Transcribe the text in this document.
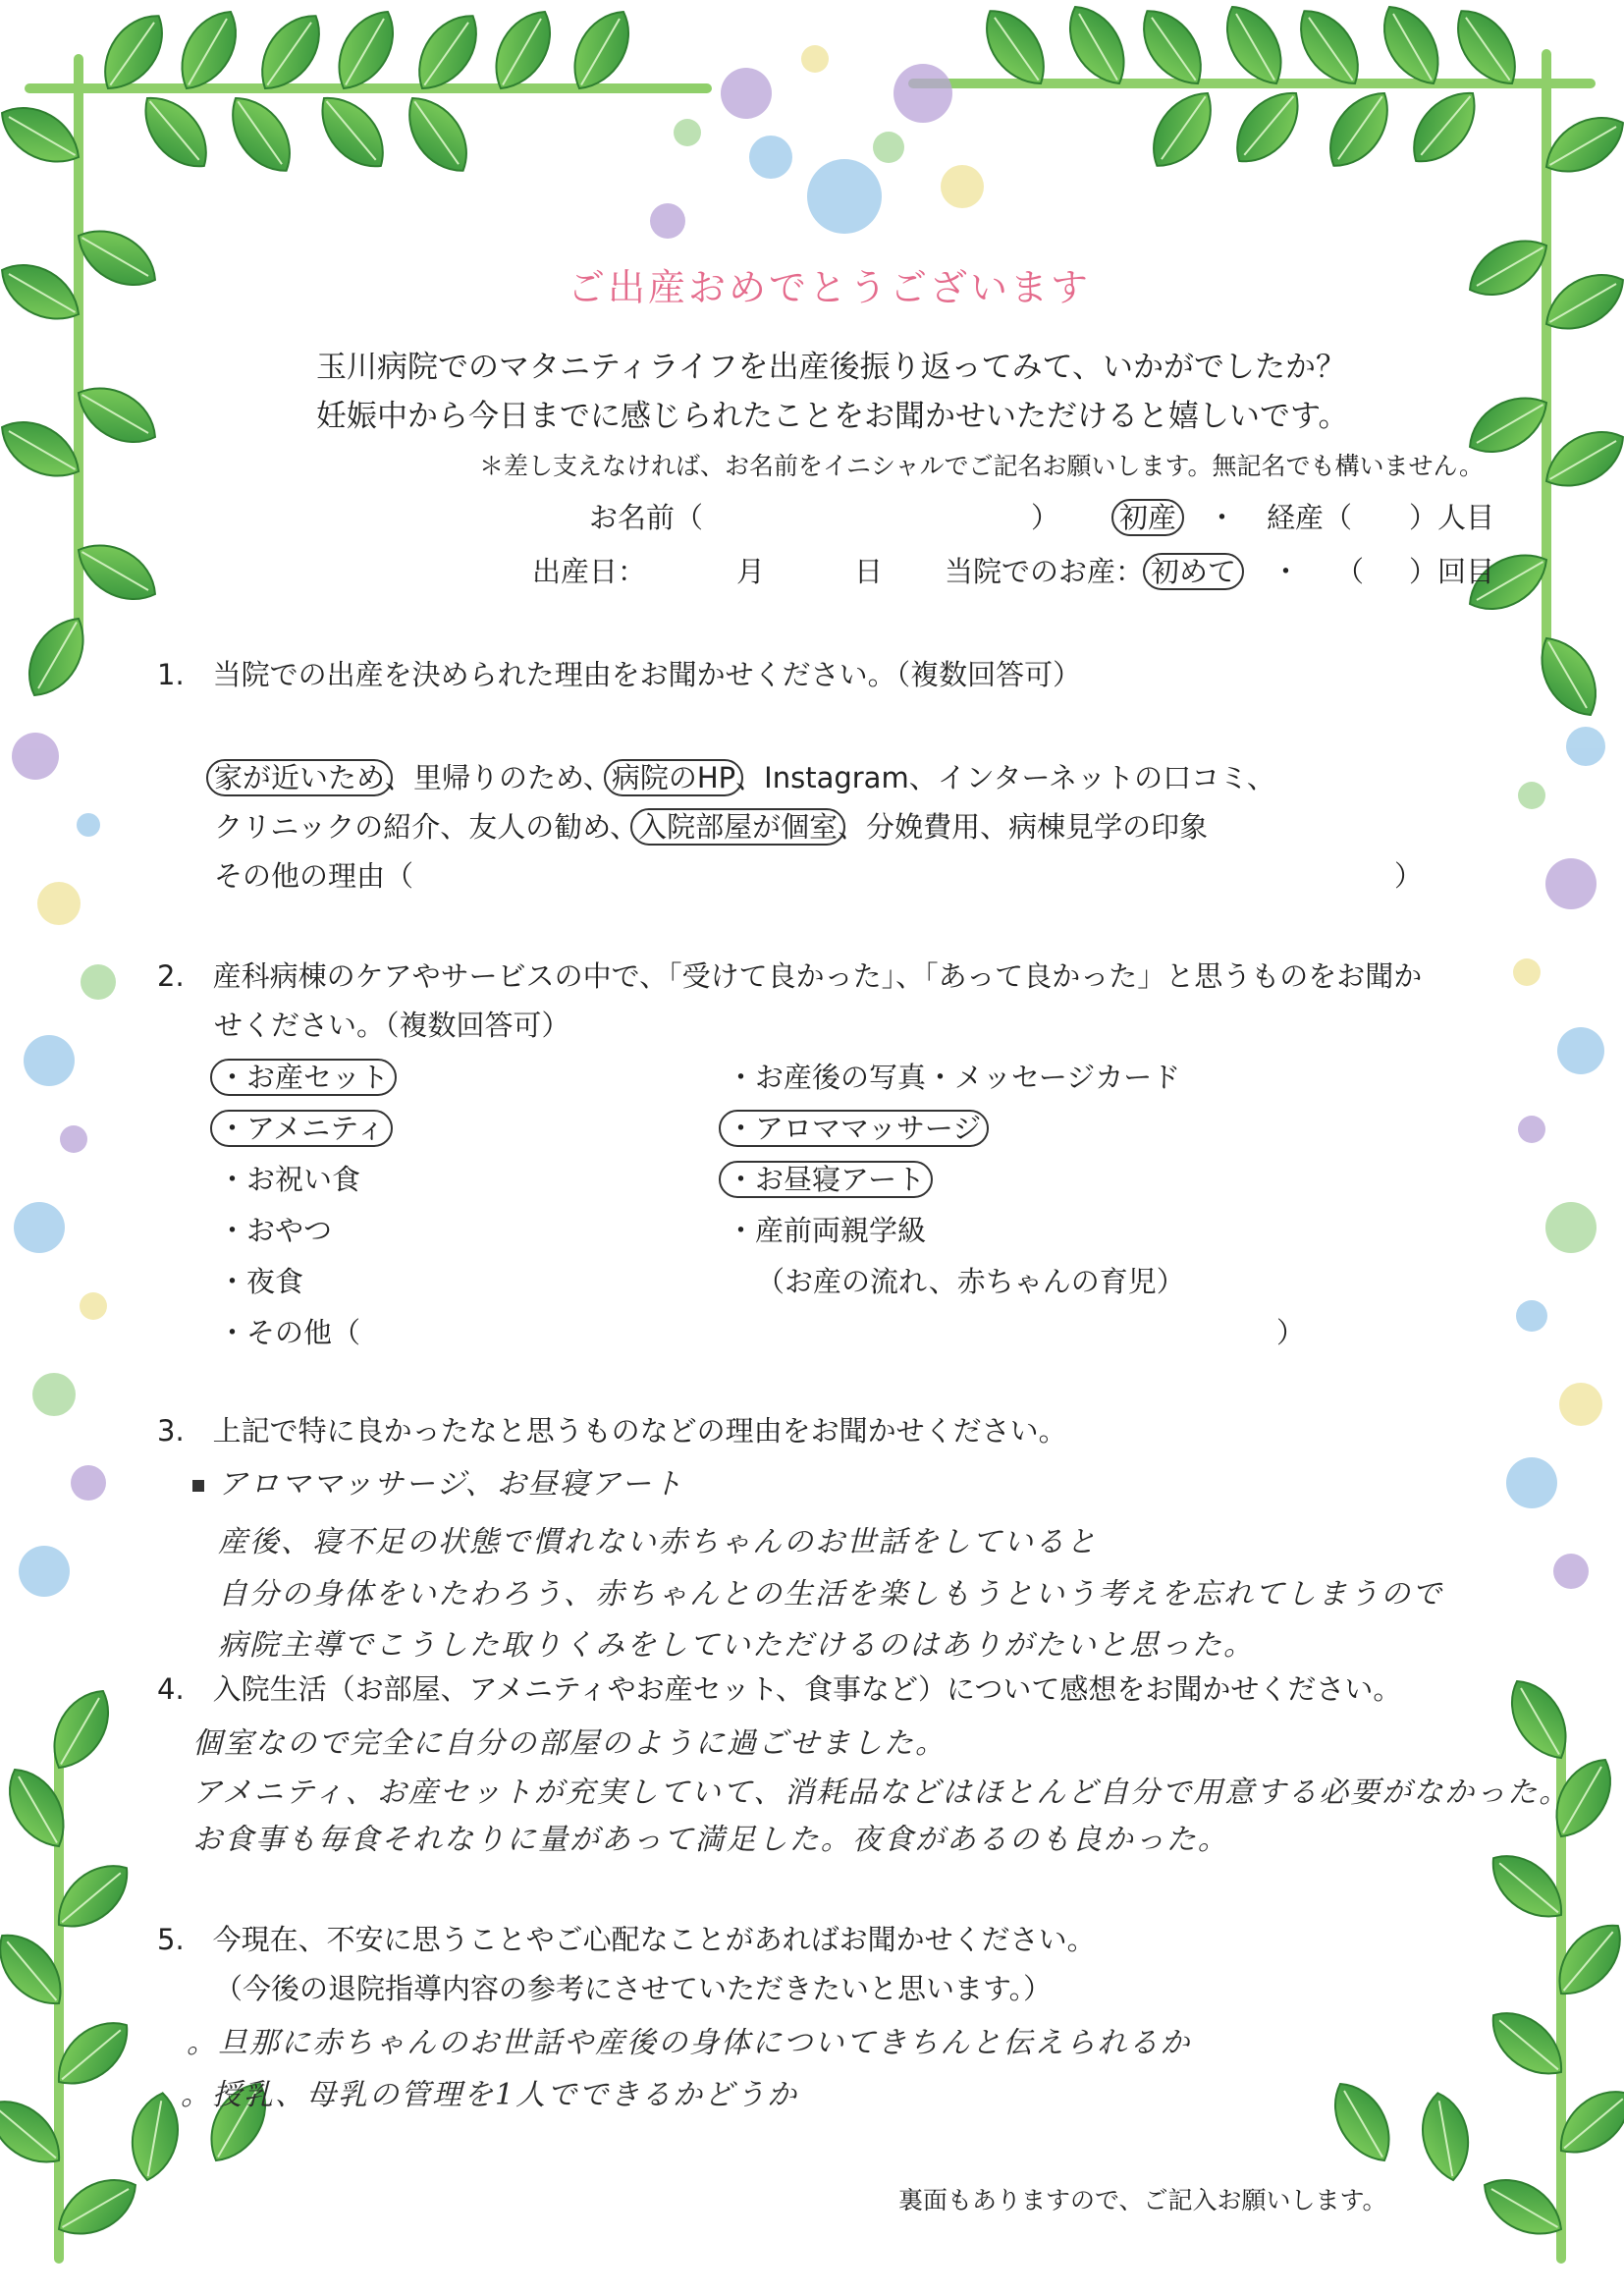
ご出産おめでとうございます
玉川病院でのマタニティライフを出産後振り返ってみて、いかがでしたか？
妊娠中から今日までに感じられたことをお聞かせいただけると嬉しいです。
＊差し支えなければ、お名前をイニシャルでご記名お願いします。無記名でも構いません。
お名前（	） 初産 ・ 経産（ ）人目
出産日：	月	日 当院でのお産： 初めて ・ （ ）回目
1.　当院での出産を決められた理由をお聞かせください。（複数回答可）
家が近いため、里帰りのため、病院のHP、Instagram、インターネットの口コミ、
クリニックの紹介、友人の勧め、入院部屋が個室、分娩費用、病棟見学の印象
その他の理由（	）
2.　産科病棟のケアやサービスの中で、「受けて良かった」、「あって良かった」と思うものをお聞か
せください。（複数回答可）
・お産セット
・アメニティ
・お祝い食
・おやつ
・夜食
・その他（	）
・お産後の写真・メッセージカード
・アロママッサージ
・お昼寝アート
・産前両親学級
（お産の流れ、赤ちゃんの育児）
3.　上記で特に良かったなと思うものなどの理由をお聞かせください。
アロママッサージ、お昼寝アート
産後、寝不足の状態で慣れない赤ちゃんのお世話をしていると
自分の身体をいたわろう、赤ちゃんとの生活を楽しもうという考えを忘れてしまうので
病院主導でこうした取りくみをしていただけるのはありがたいと思った。
4.　入院生活（お部屋、アメニティやお産セット、食事など）について感想をお聞かせください。
個室なので完全に自分の部屋のように過ごせました。
アメニティ、お産セットが充実していて、消耗品などはほとんど自分で用意する必要がなかった。
お食事も毎食それなりに量があって満足した。夜食があるのも良かった。
5.　今現在、不安に思うことやご心配なことがあればお聞かせください。
（今後の退院指導内容の参考にさせていただきたいと思います。）
。旦那に赤ちゃんのお世話や産後の身体についてきちんと伝えられるか
。授乳、母乳の管理を1人でできるかどうか
裏面もありますので、ご記入お願いします。
